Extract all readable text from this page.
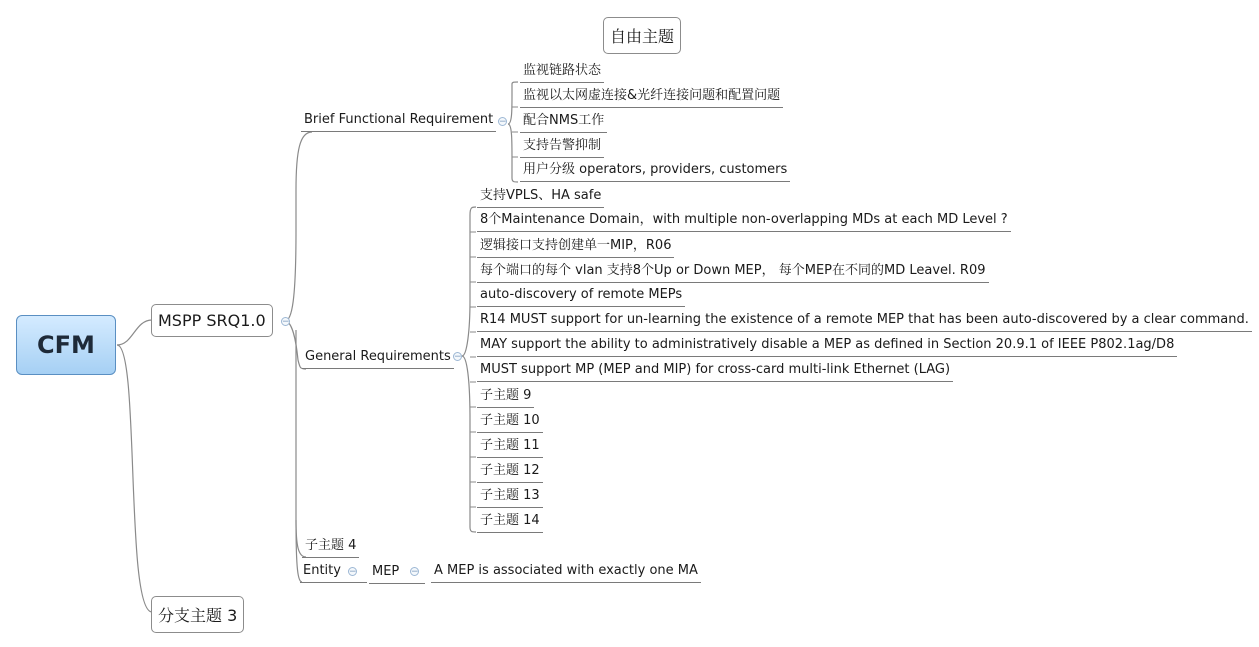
CFM
自由主题
MSPP SRQ1.0	−
分支主题 3
Brief Functional Requirement −
监视链路状态
监视以太网虚连接&光纤连接问题和配置问题
配合NMS工作
支持告警抑制
用户分级 operators, providers, customers
General Requirements −
支持VPLS、HA safe
8个Maintenance Domain，with multiple non-overlapping MDs at each MD Level ?
逻辑接口支持创建单一MIP，R06
每个端口的每个 vlan 支持8个Up or Down MEP， 每个MEP在不同的MD Leavel. R09
auto-discovery of remote MEPs
R14 MUST support for un-learning the existence of a remote MEP that has been auto-discovered by a clear command.
MAY support the ability to administratively disable a MEP as defined in Section 20.9.1 of IEEE P802.1ag/D8
MUST support MP (MEP and MIP) for cross-card multi-link Ethernet (LAG)
子主题 9
子主题 10
子主题 11
子主题 12
子主题 13
子主题 14
子主题 4
Entity − MEP	− A MEP is associated with exactly one MA
